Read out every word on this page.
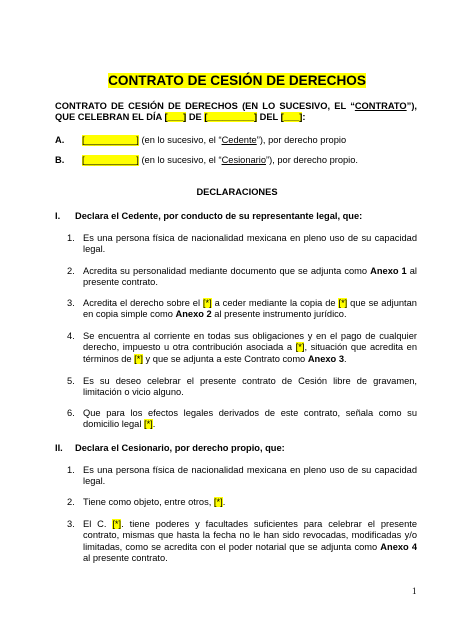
CONTRATO DE CESIÓN DE DERECHOS
CONTRATO DE CESIÓN DE DERECHOS (EN LO SUCESIVO, EL “CONTRATO”), QUE CELEBRAN EL DÍA [___] DE [_________] DEL [___]:
A. [__________] (en lo sucesivo, el “Cedente”), por derecho propio
B. [__________] (en lo sucesivo, el “Cesionario”), por derecho propio.
DECLARACIONES
I. Declara el Cedente, por conducto de su representante legal, que:
1. Es una persona física de nacionalidad mexicana en pleno uso de su capacidad legal.
2. Acredita su personalidad mediante documento que se adjunta como Anexo 1 al presente contrato.
3. Acredita el derecho sobre el [*] a ceder mediante la copia de [*] que se adjuntan en copia simple como Anexo 2 al presente instrumento jurídico.
4. Se encuentra al corriente en todas sus obligaciones y en el pago de cualquier derecho, impuesto u otra contribución asociada a [*], situación que acredita en términos de [*] y que se adjunta a este Contrato como Anexo 3.
5. Es su deseo celebrar el presente contrato de Cesión libre de gravamen, limitación o vicio alguno.
6. Que para los efectos legales derivados de este contrato, señala como su domicilio legal [*].
II. Declara el Cesionario, por derecho propio, que:
1. Es una persona física de nacionalidad mexicana en pleno uso de su capacidad legal.
2. Tiene como objeto, entre otros, [*].
3. El C. [*]. tiene poderes y facultades suficientes para celebrar el presente contrato, mismas que hasta la fecha no le han sido revocadas, modificadas y/o limitadas, como se acredita con el poder notarial que se adjunta como Anexo 4 al presente contrato.
1
